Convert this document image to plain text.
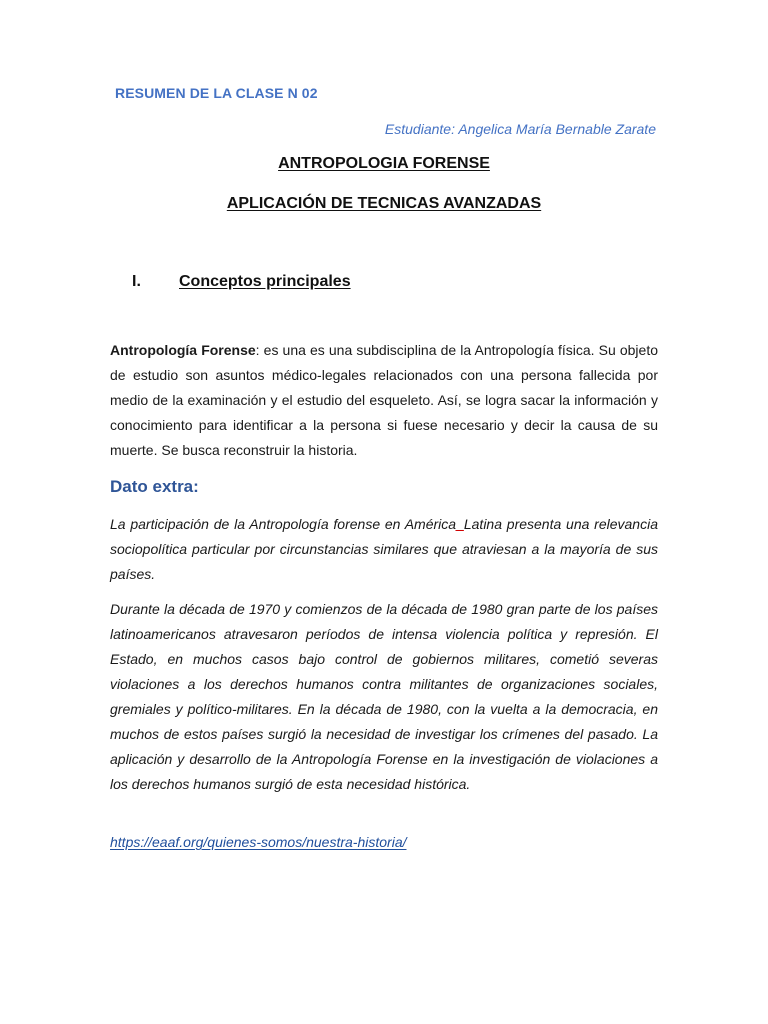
RESUMEN DE LA CLASE N 02
Estudiante: Angelica María Bernable Zarate
ANTROPOLOGIA FORENSE
APLICACIÓN DE TECNICAS AVANZADAS
I. Conceptos principales

Antropología Forense: es una es una subdisciplina de la Antropología física. Su objeto de estudio son asuntos médico-legales relacionados con una persona fallecida por medio de la examinación y el estudio del esqueleto. Así, se logra sacar la información y conocimiento para identificar a la persona si fuese necesario y decir la causa de su muerte. Se busca reconstruir la historia.

Dato extra:

La participación de la Antropología forense en América_Latina presenta una relevancia sociopolítica particular por circunstancias similares que atraviesan a la mayoría de sus países.

Durante la década de 1970 y comienzos de la década de 1980 gran parte de los países latinoamericanos atravesaron períodos de intensa violencia política y represión. El Estado, en muchos casos bajo control de gobiernos militares, cometió severas violaciones a los derechos humanos contra militantes de organizaciones sociales, gremiales y político-militares. En la década de 1980, con la vuelta a la democracia, en muchos de estos países surgió la necesidad de investigar los crímenes del pasado. La aplicación y desarrollo de la Antropología Forense en la investigación de violaciones a los derechos humanos surgió de esta necesidad histórica.

https://eaaf.org/quienes-somos/nuestra-historia/
